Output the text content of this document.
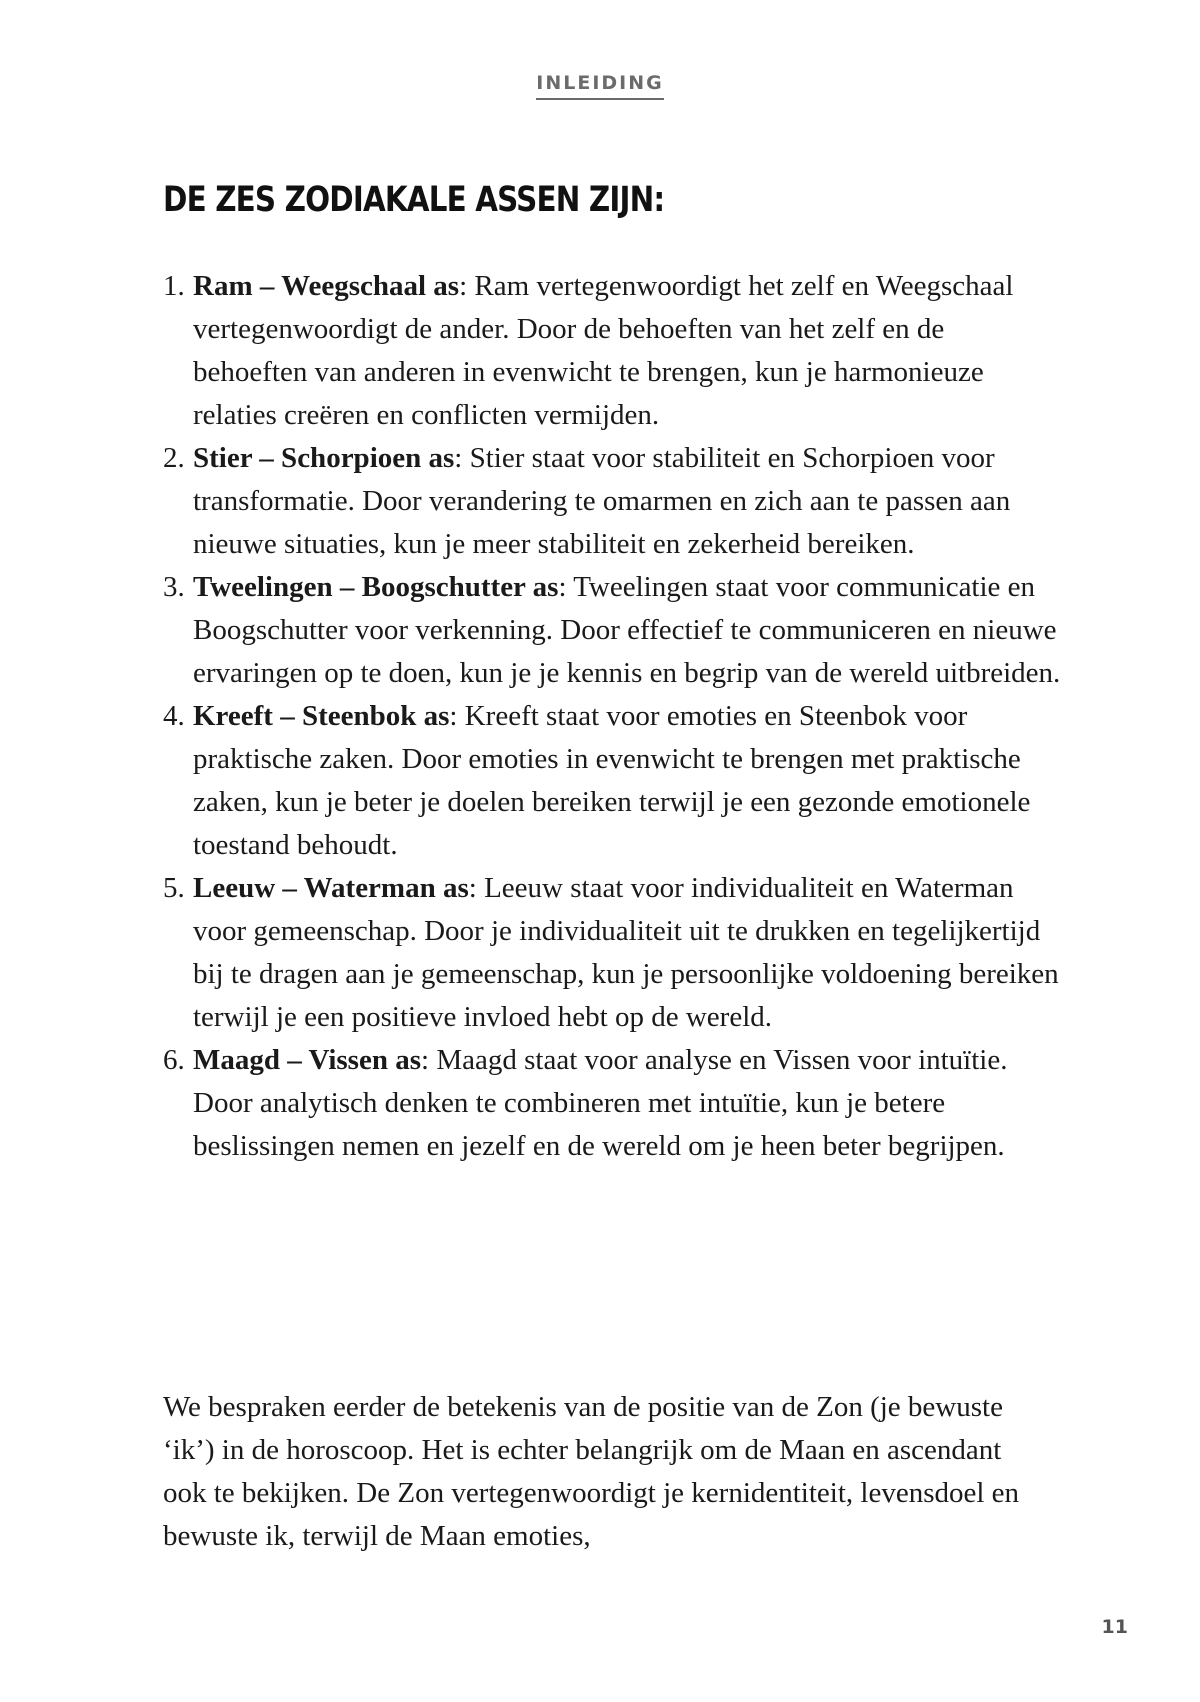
INLEIDING
DE ZES ZODIAKALE ASSEN ZIJN:
1. Ram – Weegschaal as: Ram vertegenwoordigt het zelf en Weegschaal vertegenwoordigt de ander. Door de behoeften van het zelf en de behoeften van anderen in evenwicht te brengen, kun je harmonieuze relaties creëren en conflicten vermijden.
2. Stier – Schorpioen as: Stier staat voor stabiliteit en Schorpioen voor transformatie. Door verandering te omarmen en zich aan te passen aan nieuwe situaties, kun je meer stabiliteit en zekerheid bereiken.
3. Tweelingen – Boogschutter as: Tweelingen staat voor communicatie en Boogschutter voor verkenning. Door effectief te communiceren en nieuwe ervaringen op te doen, kun je je kennis en begrip van de wereld uitbreiden.
4. Kreeft – Steenbok as: Kreeft staat voor emoties en Steenbok voor praktische zaken. Door emoties in evenwicht te brengen met praktische zaken, kun je beter je doelen bereiken terwijl je een gezonde emotionele toestand behoudt.
5. Leeuw – Waterman as: Leeuw staat voor individualiteit en Waterman voor gemeenschap. Door je individualiteit uit te drukken en tegelijkertijd bij te dragen aan je gemeenschap, kun je persoonlijke voldoening bereiken terwijl je een positieve invloed hebt op de wereld.
6. Maagd – Vissen as: Maagd staat voor analyse en Vissen voor intuïtie. Door analytisch denken te combineren met intuïtie, kun je betere beslissingen nemen en jezelf en de wereld om je heen beter begrijpen.

We bespraken eerder de betekenis van de positie van de Zon (je bewuste ‘ik’) in de horoscoop. Het is echter belangrijk om de Maan en ascendant ook te bekijken. De Zon vertegenwoordigt je kernidentiteit, levensdoel en bewuste ik, terwijl de Maan emoties,

11
